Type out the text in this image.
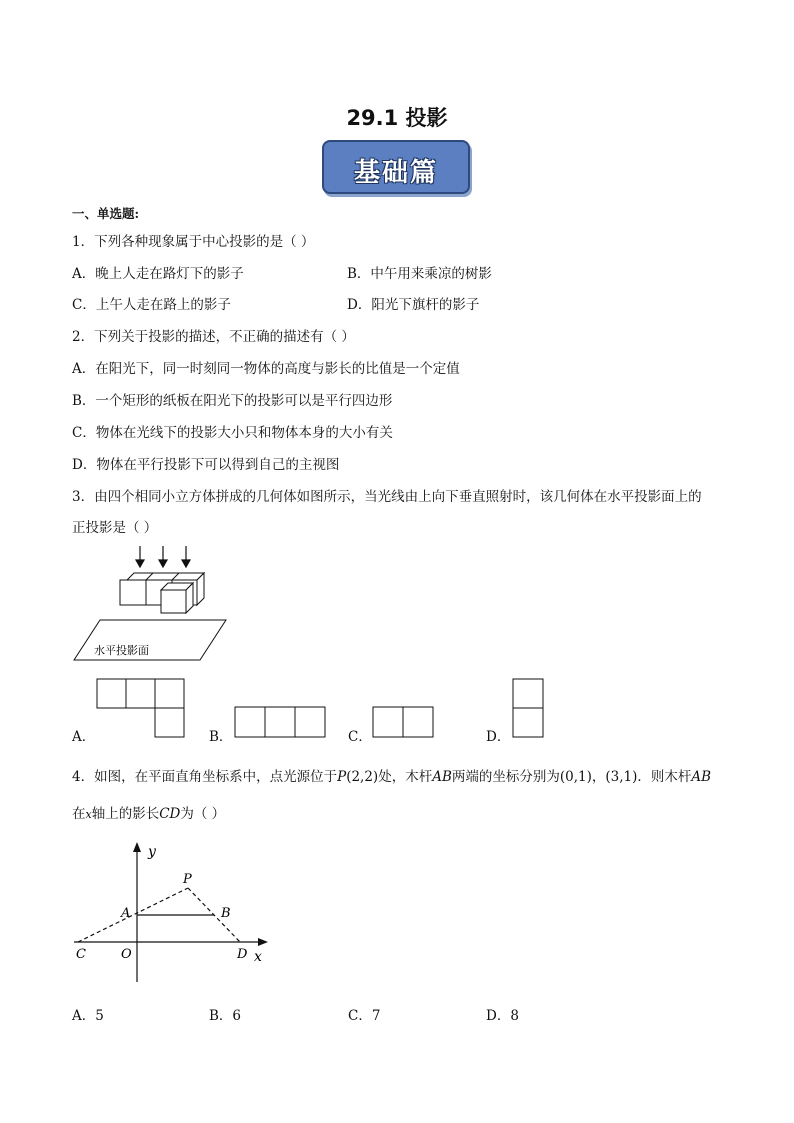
29.1 投影
基础篇
一、单选题:
1．下列各种现象属于中心投影的是（ ）
A．晚上人走在路灯下的影子	B．中午用来乘凉的树影
C．上午人走在路上的影子	D．阳光下旗杆的影子
2．下列关于投影的描述，不正确的描述有（ ）
A．在阳光下，同一时刻同一物体的高度与影长的比值是一个定值
B．一个矩形的纸板在阳光下的投影可以是平行四边形
C．物体在光线下的投影大小只和物体本身的大小有关
D．物体在平行投影下可以得到自己的主视图
3．由四个相同小立方体拼成的几何体如图所示，当光线由上向下垂直照射时，该几何体在水平投影面上的
正投影是（ ）
水平投影面
A．	B．	C．	D．
4．如图，在平面直角坐标系中，点光源位于P(2,2)处，木杆AB两端的坐标分别为(0,1)，(3,1)．则木杆AB
在x轴上的影长CD为（ ）
y
x
P
A	B
C	O	D
A．5	B．6	C．7	D．8
